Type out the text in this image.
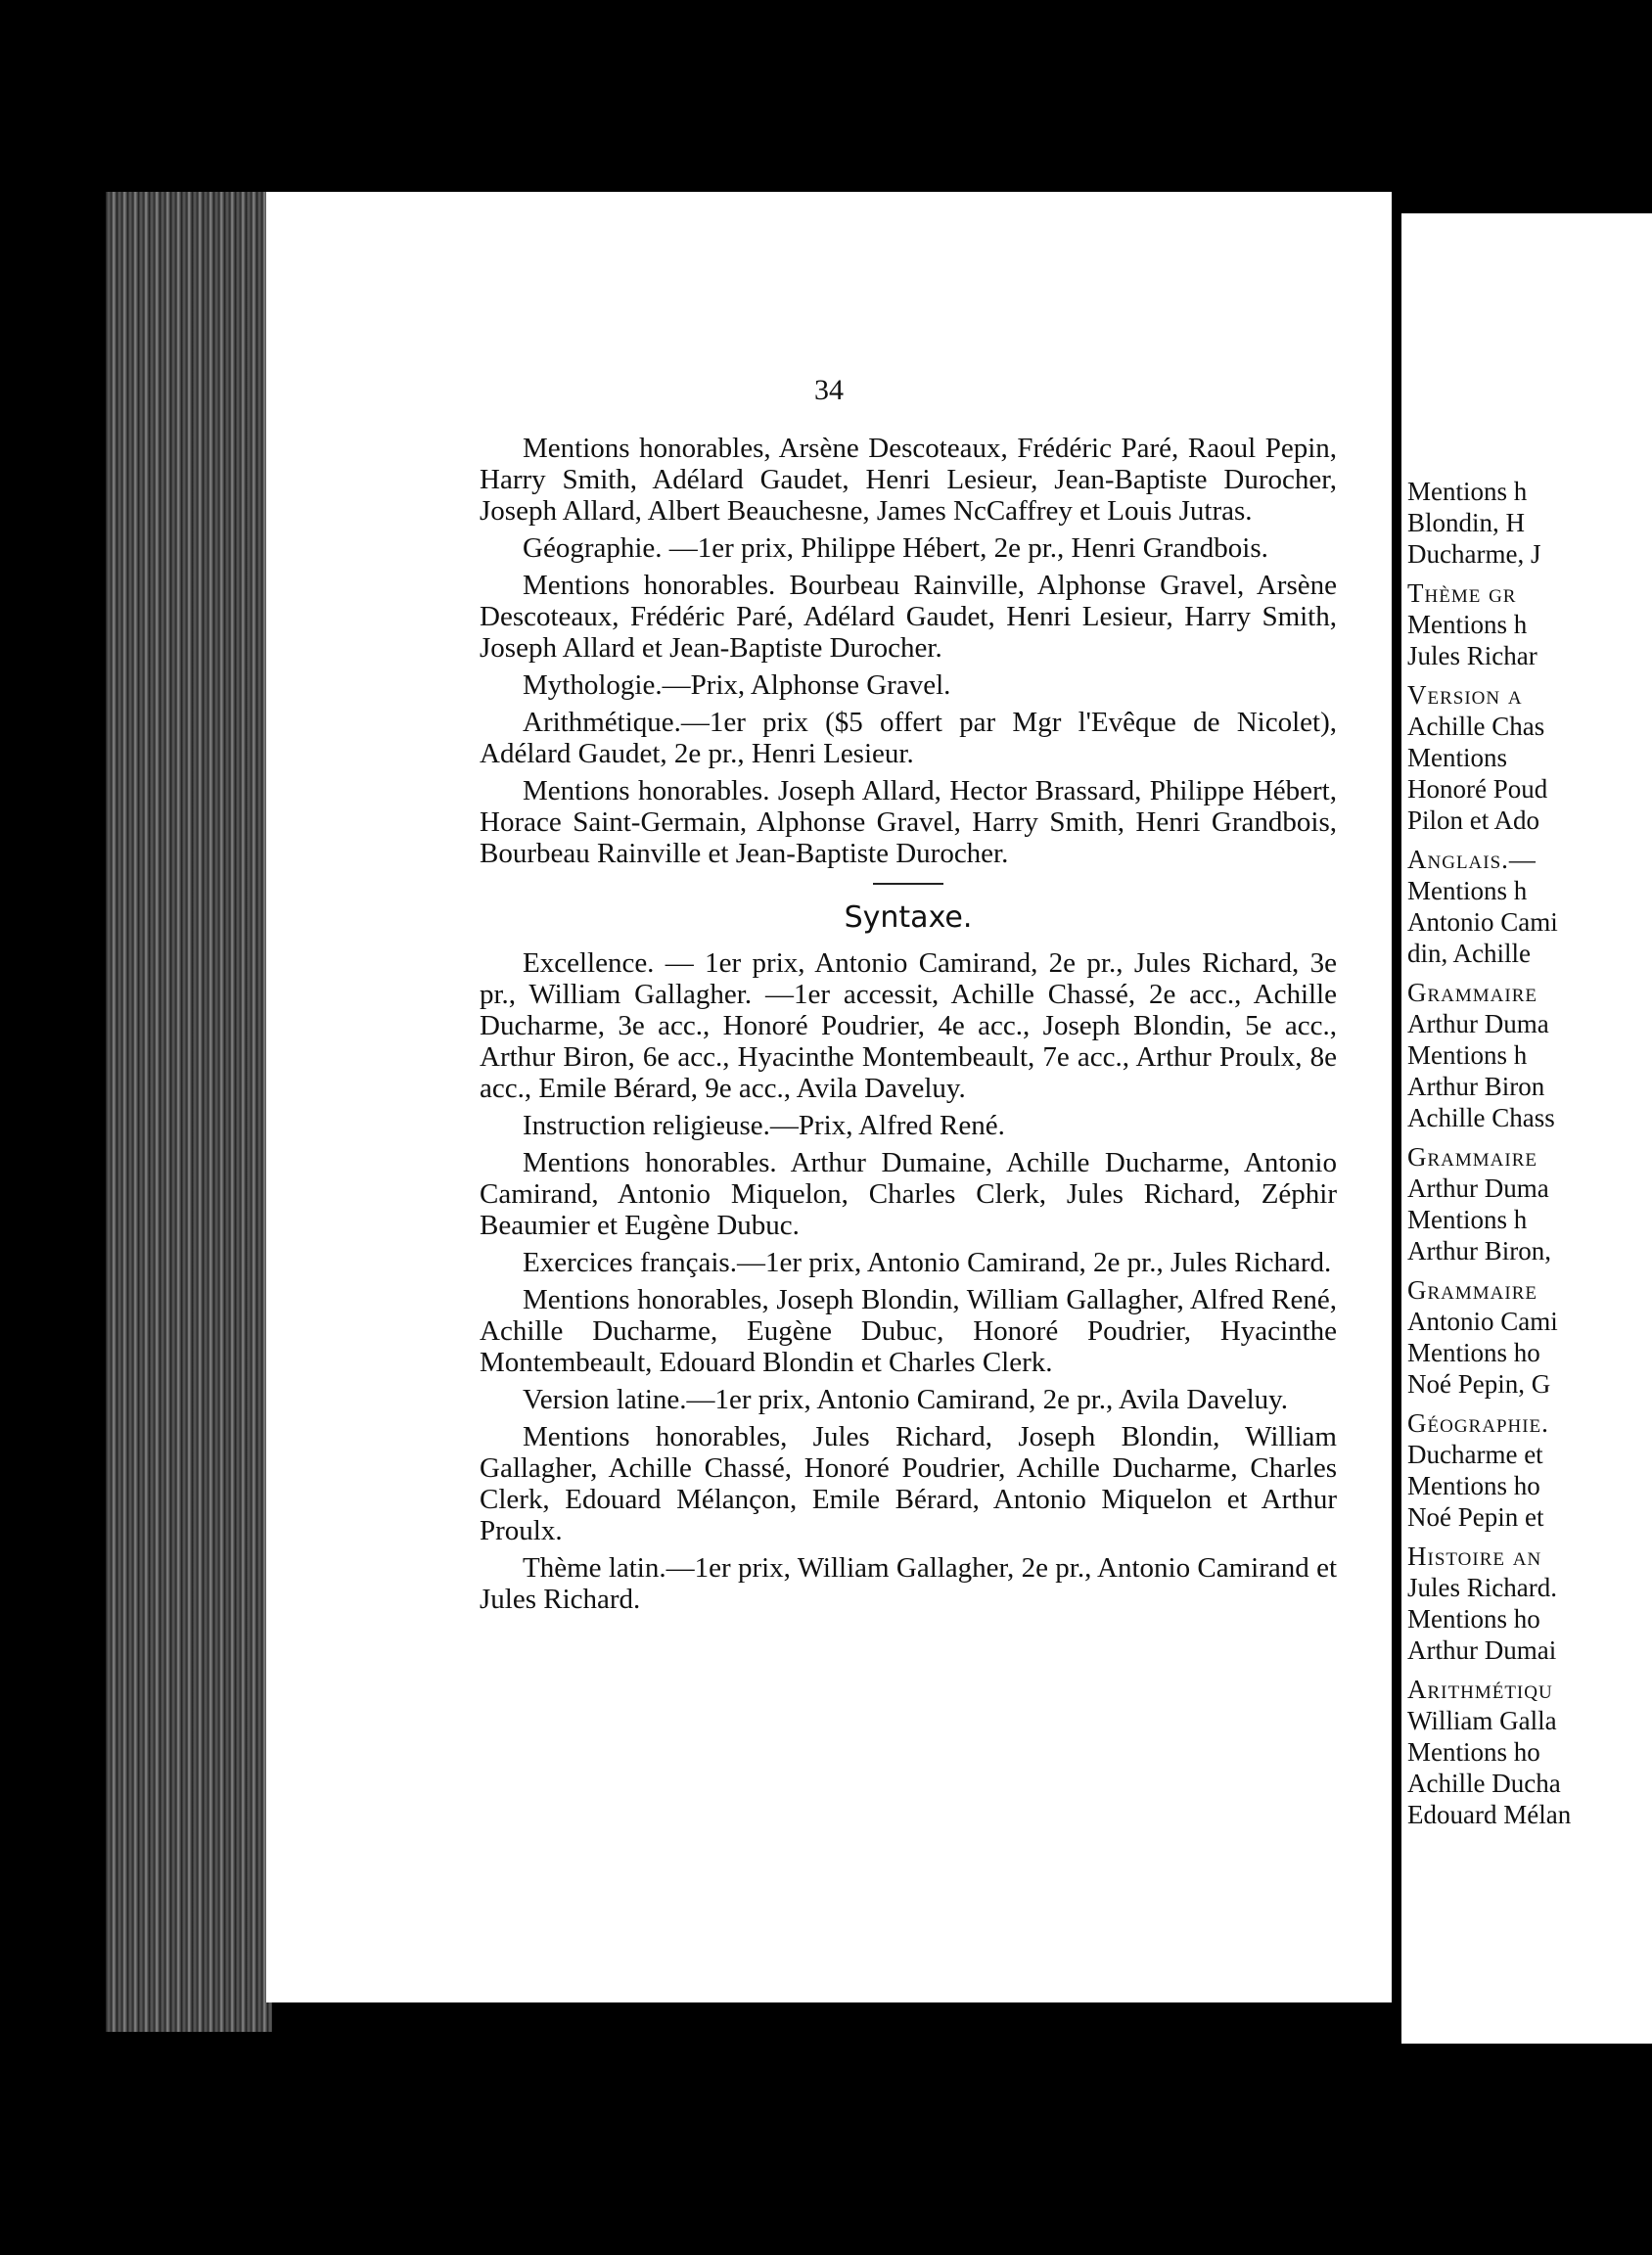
34

Mentions honorables, Arsène Descoteaux, Frédéric Paré, Raoul Pepin, Harry Smith, Adélard Gaudet, Henri Lesieur, Jean-Baptiste Durocher, Joseph Allard, Albert Beauchesne, James NcCaffrey et Louis Jutras.

Géographie. —1er prix, Philippe Hébert, 2e pr., Henri Grandbois.

Mentions honorables. Bourbeau Rainville, Alphonse Gravel, Arsène Descoteaux, Frédéric Paré, Adélard Gaudet, Henri Lesieur, Harry Smith, Joseph Allard et Jean-Baptiste Durocher.

Mythologie.—Prix, Alphonse Gravel.

Arithmétique.—1er prix ($5 offert par Mgr l'Evêque de Nicolet), Adélard Gaudet, 2e pr., Henri Lesieur.

Mentions honorables. Joseph Allard, Hector Brassard, Philippe Hébert, Horace Saint-Germain, Alphonse Gravel, Harry Smith, Henri Grandbois, Bourbeau Rainville et Jean-Baptiste Durocher.

Syntaxe.

Excellence. — 1er prix, Antonio Camirand, 2e pr., Jules Richard, 3e pr., William Gallagher. —1er accessit, Achille Chassé, 2e acc., Achille Ducharme, 3e acc., Honoré Poudrier, 4e acc., Joseph Blondin, 5e acc., Arthur Biron, 6e acc., Hyacinthe Montembeault, 7e acc., Arthur Proulx, 8e acc., Emile Bérard, 9e acc., Avila Daveluy.

Instruction religieuse.—Prix, Alfred René.

Mentions honorables. Arthur Dumaine, Achille Ducharme, Antonio Camirand, Antonio Miquelon, Charles Clerk, Jules Richard, Zéphir Beaumier et Eugène Dubuc.

Exercices français.—1er prix, Antonio Camirand, 2e pr., Jules Richard.

Mentions honorables, Joseph Blondin, William Gallagher, Alfred René, Achille Ducharme, Eugène Dubuc, Honoré Poudrier, Hyacinthe Montembeault, Edouard Blondin et Charles Clerk.

Version latine.—1er prix, Antonio Camirand, 2e pr., Avila Daveluy.

Mentions honorables, Jules Richard, Joseph Blondin, William Gallagher, Achille Chassé, Honoré Poudrier, Achille Ducharme, Charles Clerk, Edouard Mélançon, Emile Bérard, Antonio Miquelon et Arthur Proulx.

Thème latin.—1er prix, William Gallagher, 2e pr., Antonio Camirand et Jules Richard.

Mentions h
Blondin, H
Ducharme, J
Thème gr
Mentions h
Jules Richar
Version a
Achille Chas
Mentions
Honoré Poud
Pilon et Ado
Anglais.—
Mentions h
Antonio Cami
din, Achille
Grammaire
Arthur Duma
Mentions h
Arthur Biron
Achille Chass
Grammaire
Arthur Duma
Mentions h
Arthur Biron,
Grammaire
Antonio Cami
Mentions ho
Noé Pepin, G
Géographie.
Ducharme et
Mentions ho
Noé Pepin et
Histoire an
Jules Richard.
Mentions ho
Arthur Dumai
Arithmétiqu
William Galla
Mentions ho
Achille Ducha
Edouard Mélan
